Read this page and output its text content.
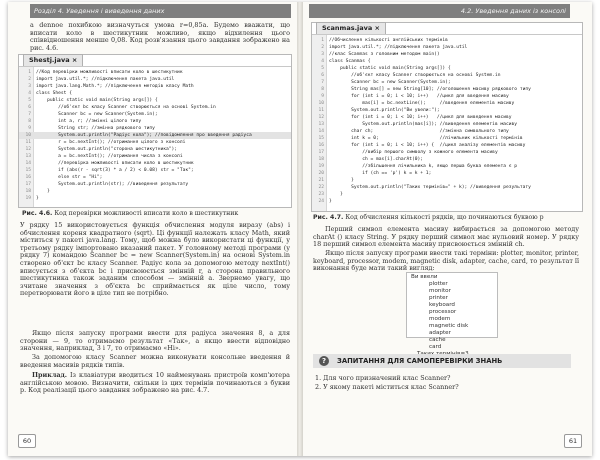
Розділ 4. Уведення і виведення даних
а dennoe похибкою визначуться умова r=0,85a. Будемо вважати, що вписати коло в шестикутник можливо, якщо відхилення цього співвідношення менше 0,08. Код розв'язання цього завдання зображено на рис. 4.6.
Shestj.java ×
1 //Код перевірки можливості вписати коло в шестикутник
2 import java.util.*; //підключення пакета java.util
3 import java.lang.Math.*; //підключення методів класу Math
4 class Shest {
5 public static void main(String args[]) {
6 //об'єкт bc класу Scanner створюється на основі System.in
7 Scanner bc = new Scanner(System.in);
8 int a, r; //змінні цілого типу
9 String str; //змінна рядкового типу
10 System.out.println("Радіус кола"); //повідомлення про введення радіуса
11 r = bc.nextInt(); //отримання цілого з консолі
12 System.out.println("сторона шестикутника");
13 a = bc.nextInt(); //отримання числа з консолі
14 //перевірка можливості вписати коло в шестикутник
15 if (abs(r - sqrt(3) * a / 2) < 0.08) str = "Так";
16 else str = "Ні";
17 System.out.println(str); //виведення результату
18 }
19 }
Рис. 4.6. Код перевірки можливості вписати коло в шестикутник
У рядку 15 використовується функція обчислення модуля виразу (abs) і обчислення кореня квадратного (sqrt). Ці функції належать класу Math, який міститься у пакеті java.lang. Тому, щоб можна було використати ці функції, у третьому рядку імпортовано вказаний пакет. У головному методі програми (у рядку 7) командою Scanner bc = new Scanner(System.in) на основі System.in створено об'єкт bc класу Scanner. Радіус кола за допомогою методу nextInt() вписується з об'єкта bc і присвоюється змінній r, а сторона правильного шестикутника також заданим способом — змінній a. Звернемо увагу, що зчитане значення з об'єкта bc сприймається як ціле число, тому перетворювати його в ціле тип не потрібно.
Якщо після запуску програми ввести для радіуса значення 8, а для сторони — 9, то отримаємо результат «Так», а якщо ввести відповідно значення, наприклад, 3 і 7, то отримаємо «Ні».
За допомогою класу Scanner можна виконувати консольне введення й введення масивів рядків типів.
Приклад. Із клавіатури вводиться 10 найменувань пристроїв комп'ютера англійською мовою. Визначити, скільки із цих термінів починаються з букви p. Код реалізації цього завдання зображено на рис. 4.7.
60
4.2. Уведення даних із консолі
Scanmas.java ×
1 //Обчислення кількості англійських термінів
2 import java.util.*; //підключення пакета java.util
3 //клас Scanmas з головним методом main()
4 class Scanmas {
5 public static void main(String args[]) {
6 //об'єкт класу Scanner створюється на основі System.in
7 Scanner bc = new Scanner(System.in);
8 String mas[] = new String[10]; //оголошення масиву рядкового типу
9 for (int i = 0; i < 10; i++)   //цикл для введення масиву
10 mas[i] = bc.nextLine();     //введення елементів масиву
11 System.out.println("Ви увели:");
12 for (int i = 0; i < 10; i++)   //цикл для виведення масиву
13 System.out.println(mas[i]); //виведення елементів масиву
14 char ch;                        //змінна символьного типу
15 int k = 0;                      //лічильник кількості термінів
16 for (int i = 0; i < 10; i++) {  //цикл аналізу елементів масиву
17 //вибір першого символу з кожного елемента масиву
18 ch = mas[i].charAt(0);
19 //збільшення лічильника k, якщо перша буква елемента є p
20 if (ch == 'p') k = k + 1;
21 }
22 System.out.println("Таких термінів=" + k); //виведення результату
23 }
24 }
Рис. 4.7. Код обчислення кількості рядків, що починаються буквою p
Перший символ елемента масиву вибирається за допомогою методу charAt () класу String. У рядку перший символ має нульовий номер. У рядку 18 перший символ елемента масиву присвоюється змінній ch.
Якщо після запуску програми ввести такі терміни: plotter, monitor, printer, keyboard, processor, modem, magnetic disk, adapter, cache, card, то результат її виконання буде мати такий вигляд:
Ви ввели
plotter
monitor
printer
keyboard
processor
modem
magnetic disk
adapter
cache
card
?	ЗАПИТАННЯ ДЛЯ САМОПЕРЕВІРКИ ЗНАНЬ
1. Для чого призначений клас Scanner?
2. У якому пакеті міститься клас Scanner?
61
